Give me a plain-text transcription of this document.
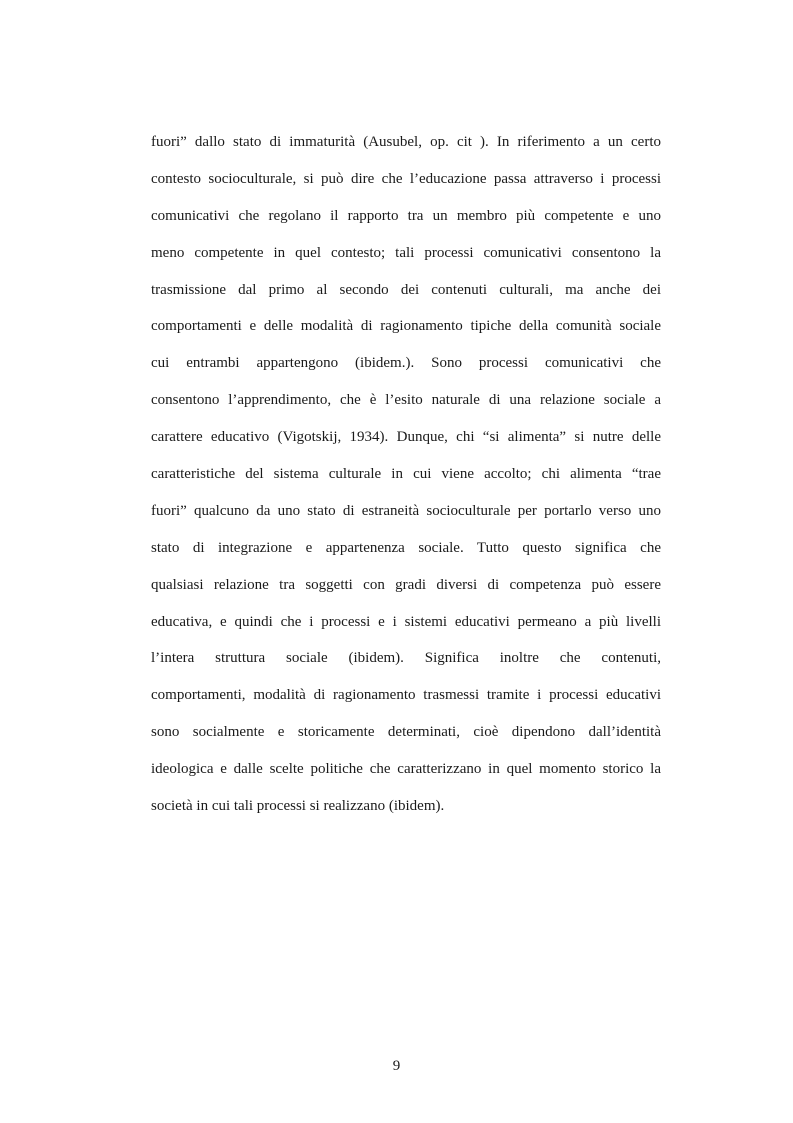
fuori” dallo stato di immaturità (Ausubel, op. cit ). In riferimento a un certo
contesto socioculturale, si può dire che l’educazione passa attraverso i processi
comunicativi che regolano il rapporto tra un membro più competente e uno
meno competente in quel contesto; tali processi comunicativi consentono la
trasmissione dal primo al secondo dei contenuti culturali, ma anche dei
comportamenti e delle modalità di ragionamento tipiche della comunità sociale
cui entrambi appartengono (ibidem.). Sono processi comunicativi che
consentono l’apprendimento, che è l’esito naturale di una relazione sociale a
carattere educativo (Vigotskij, 1934). Dunque, chi “si alimenta” si nutre delle
caratteristiche del sistema culturale in cui viene accolto; chi alimenta “trae
fuori” qualcuno da uno stato di estraneità socioculturale per portarlo verso uno
stato di integrazione e appartenenza sociale. Tutto questo significa che
qualsiasi relazione tra soggetti con gradi diversi di competenza può essere
educativa, e quindi che i processi e i sistemi educativi permeano a più livelli
l’intera struttura sociale (ibidem). Significa inoltre che contenuti,
comportamenti, modalità di ragionamento trasmessi tramite i processi educativi
sono socialmente e storicamente determinati, cioè dipendono dall’identità
ideologica e dalle scelte politiche che caratterizzano in quel momento storico la
società in cui tali processi si realizzano (ibidem).
9
